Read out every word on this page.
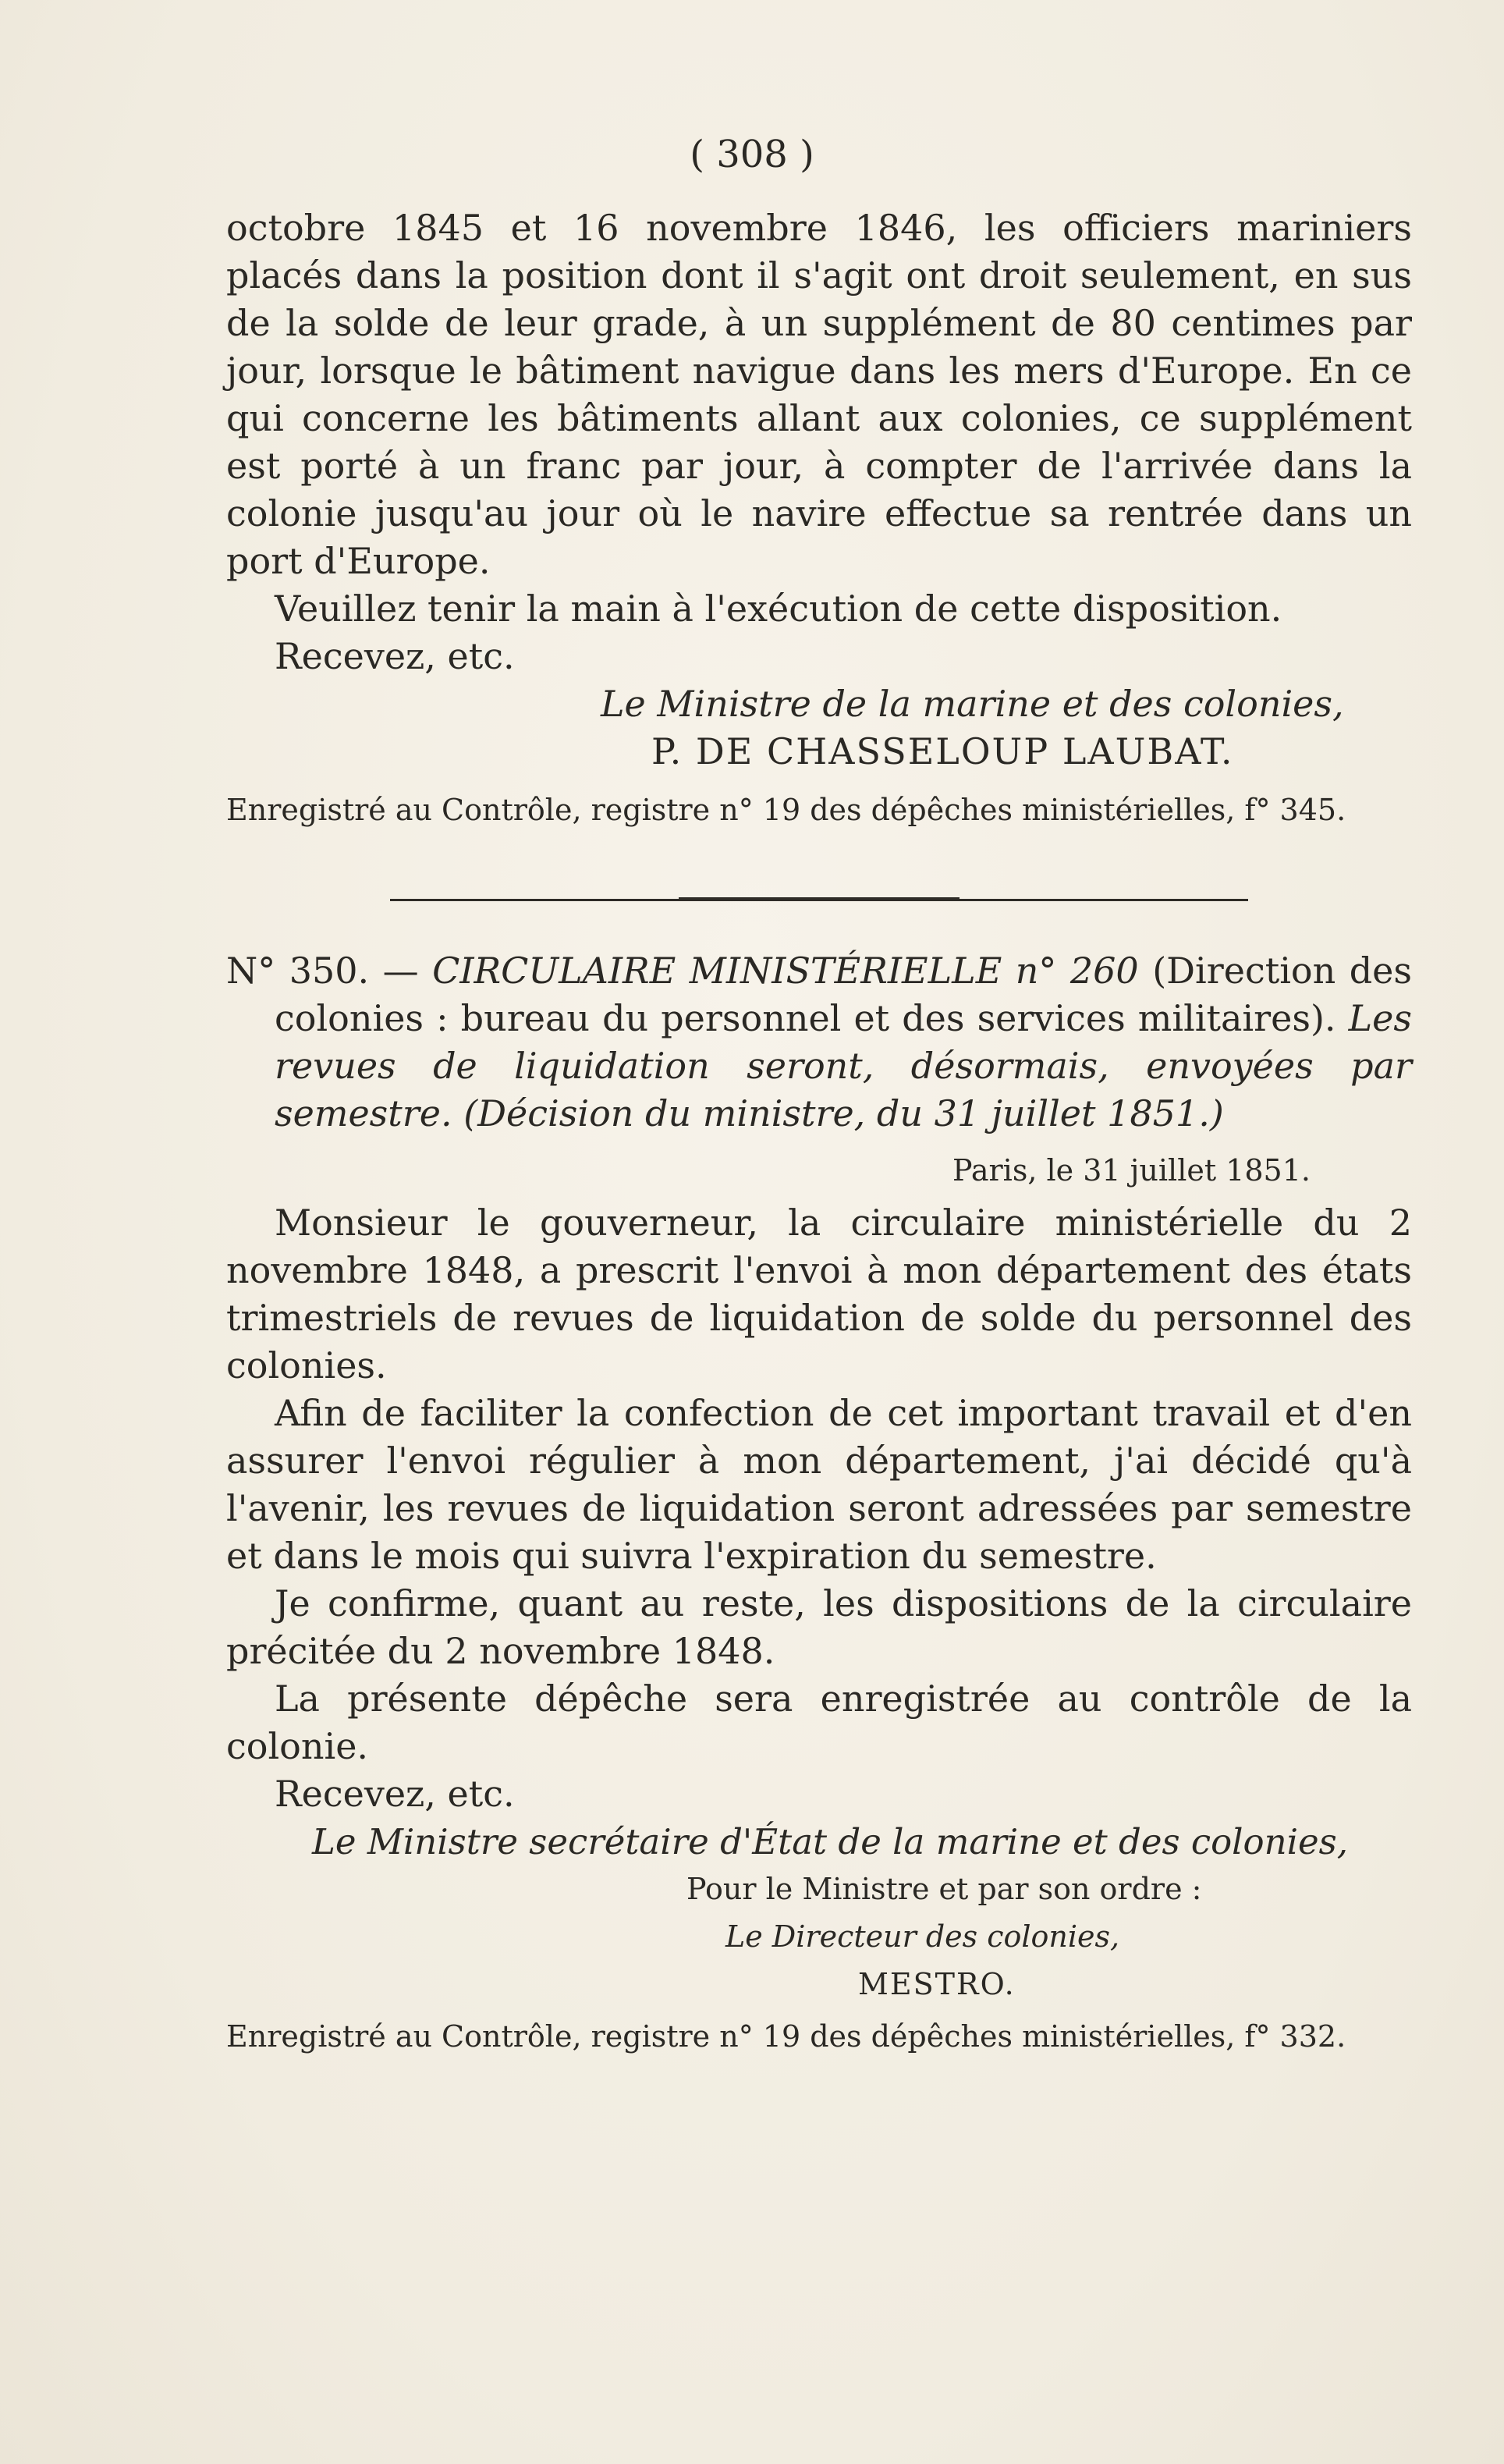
( 308 )

octobre 1845 et 16 novembre 1846, les officiers mariniers placés dans la position dont il s'agit ont droit seulement, en sus de la solde de leur grade, à un supplément de 80 centimes par jour, lorsque le bâtiment navigue dans les mers d'Europe. En ce qui concerne les bâtiments allant aux colonies, ce supplément est porté à un franc par jour, à compter de l'arrivée dans la colonie jusqu'au jour où le navire effectue sa rentrée dans un port d'Europe.

Veuillez tenir la main à l'exécution de cette disposition.

Recevez, etc.

Le Ministre de la marine et des colonies,

P. DE CHASSELOUP LAUBAT.

Enregistré au Contrôle, registre n° 19 des dépêches ministérielles, f° 345.

N° 350. — CIRCULAIRE MINISTÉRIELLE n° 260 (Direction des colonies : bureau du personnel et des services militaires). Les revues de liquidation seront, désormais, envoyées par semestre. (Décision du ministre, du 31 juillet 1851.)

Paris, le 31 juillet 1851.

Monsieur le gouverneur, la circulaire ministérielle du 2 novembre 1848, a prescrit l'envoi à mon département des états trimestriels de revues de liquidation de solde du personnel des colonies.

Afin de faciliter la confection de cet important travail et d'en assurer l'envoi régulier à mon département, j'ai décidé qu'à l'avenir, les revues de liquidation seront adressées par semestre et dans le mois qui suivra l'expiration du semestre.

Je confirme, quant au reste, les dispositions de la circulaire précitée du 2 novembre 1848.

La présente dépêche sera enregistrée au contrôle de la colonie.

Recevez, etc.

Le Ministre secrétaire d'État de la marine et des colonies,

Pour le Ministre et par son ordre :

Le Directeur des colonies,

MESTRO.

Enregistré au Contrôle, registre n° 19 des dépêches ministérielles, f° 332.
